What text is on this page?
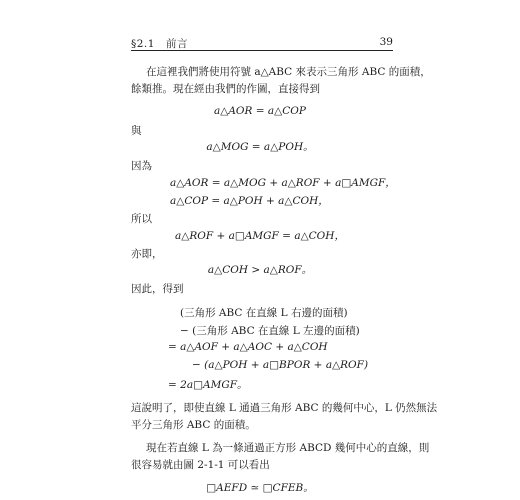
§2.1　前言	39
在這裡我們將使用符號 a△ABC 來表示三角形 ABC 的面積，
餘類推。現在經由我們的作圖，直接得到
a△AOR = a△COP
與
a△MOG = a△POH。
因為
a△AOR = a△MOG + a△ROF + a□AMGF，
a△COP = a△POH + a△COH，
所以
a△ROF + a□AMGF = a△COH，
亦即，
a△COH > a△ROF。
因此，得到
(三角形 ABC 在直線 L 右邊的面積)
− (三角形 ABC 在直線 L 左邊的面積)
= a△AOF + a△AOC + a△COH
− (a△POH + a□BPOR + a△ROF)
= 2a□AMGF。
這說明了，即使直線 L 通過三角形 ABC 的幾何中心，L 仍然無法
平分三角形 ABC 的面積。
現在若直線 L 為一條通過正方形 ABCD 幾何中心的直線，則
很容易就由圖 2-1-1 可以看出
□AEFD ≃ □CFEB。
